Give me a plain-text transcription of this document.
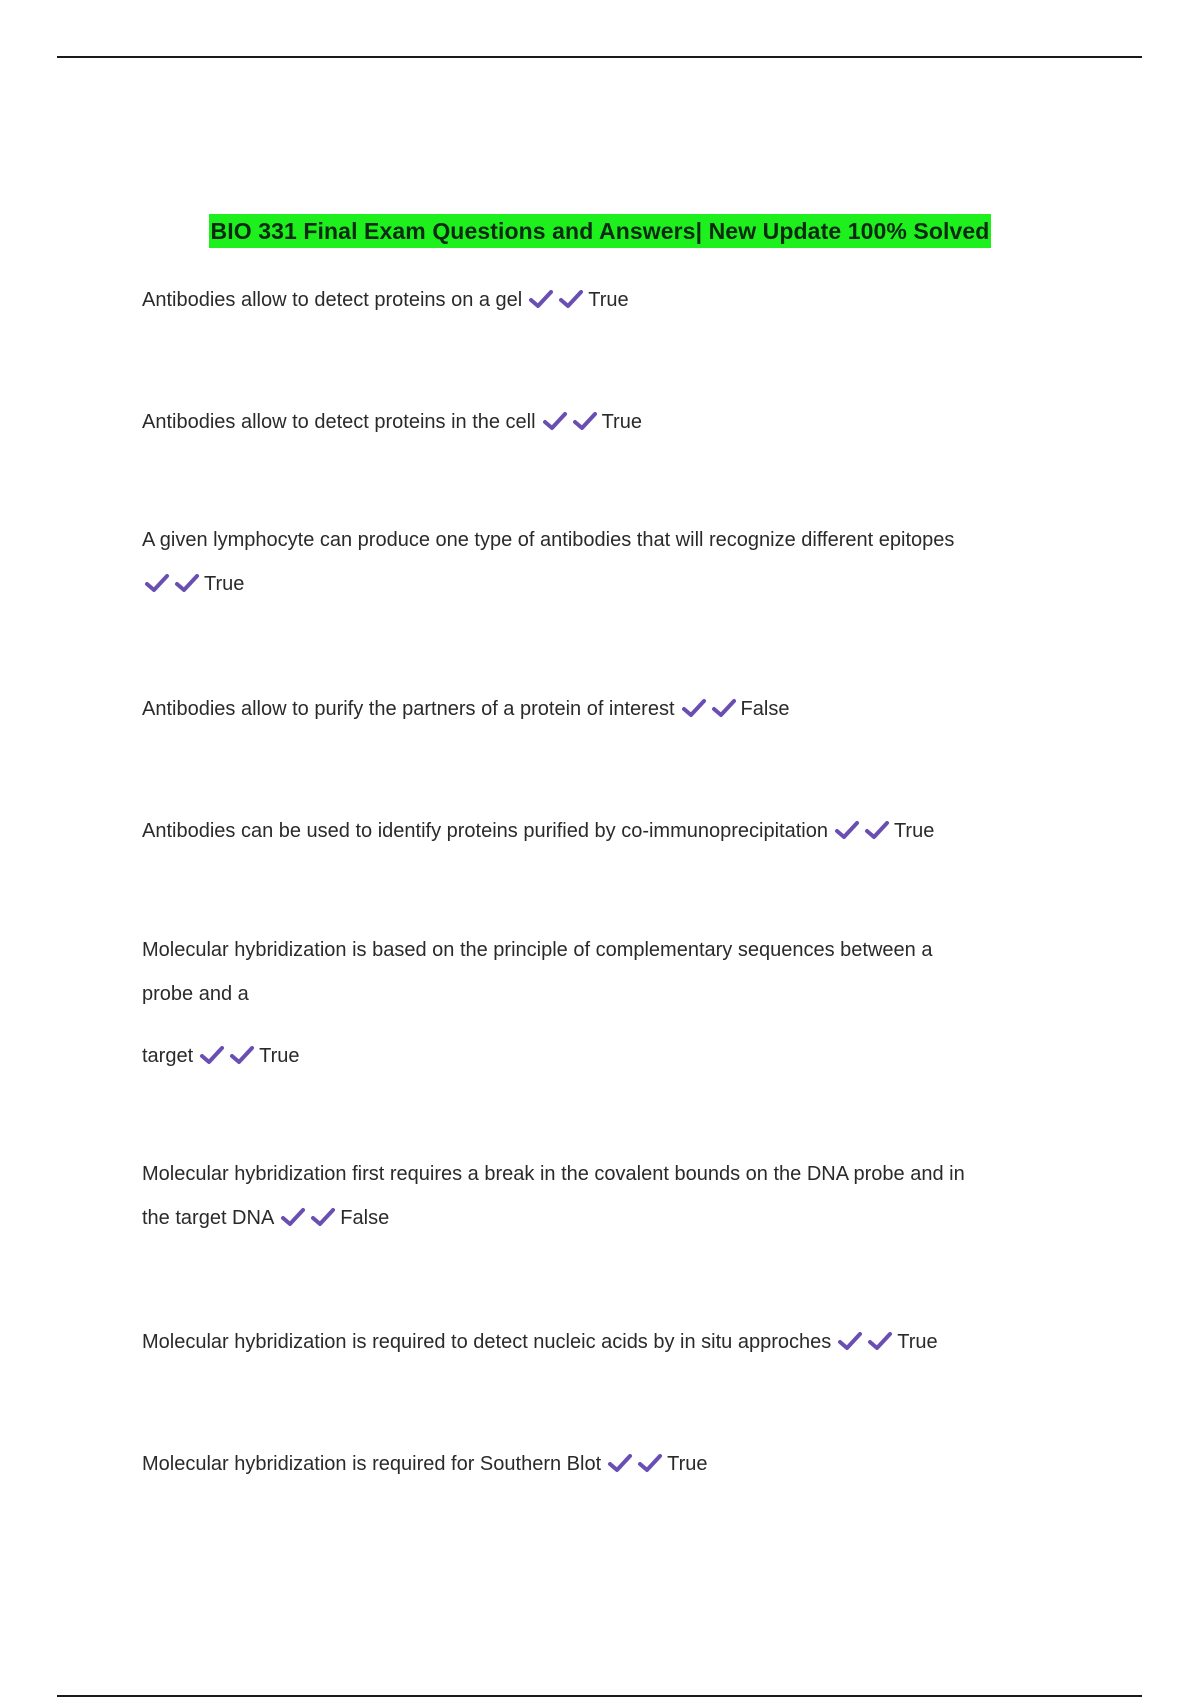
BIO 331 Final Exam Questions and Answers| New Update 100% Solved
Antibodies allow to detect proteins on a gel	True
Antibodies allow to detect proteins in the cell	True
A given lymphocyte can produce one type of antibodies that will recognize different epitopes
True
Antibodies allow to purify the partners of a protein of interest	False
Antibodies can be used to identify proteins purified by co-immunoprecipitation	True
Molecular hybridization is based on the principle of complementary sequences between a
probe and a
target	True
Molecular hybridization first requires a break in the covalent bounds on the DNA probe and in
the target DNA	False
Molecular hybridization is required to detect nucleic acids by in situ approches	True
Molecular hybridization is required for Southern Blot	True
